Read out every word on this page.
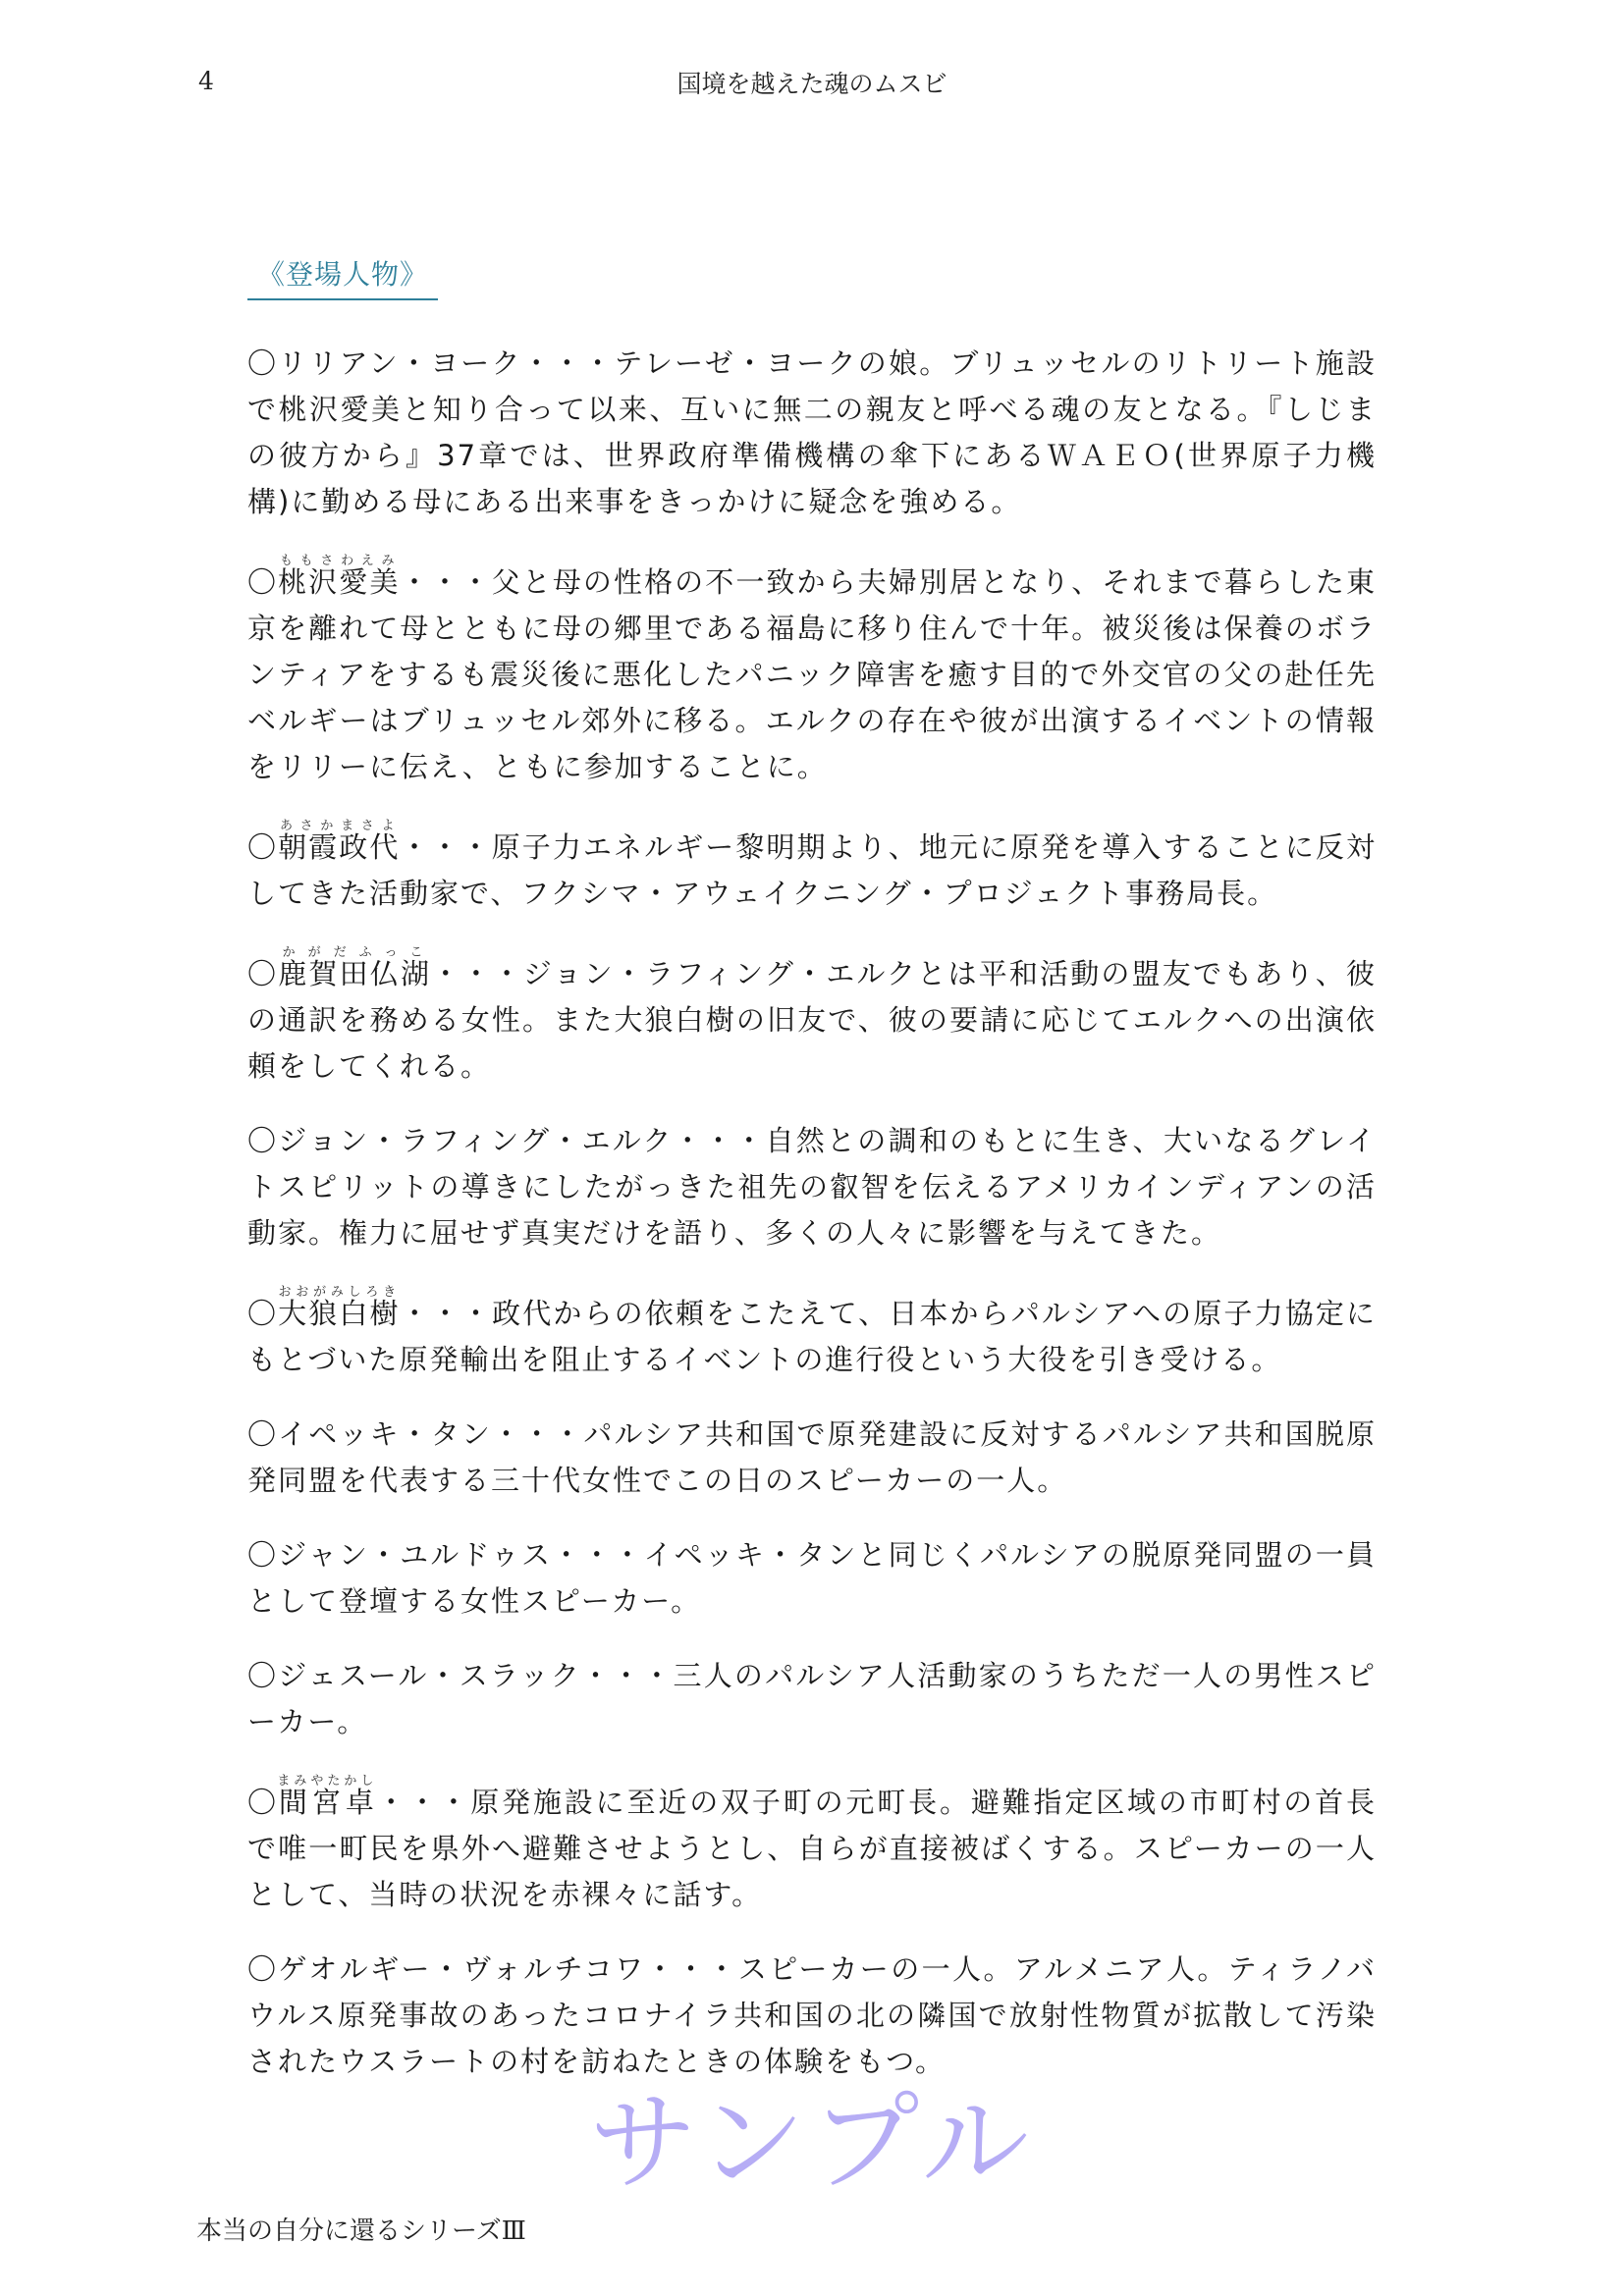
4	国境を越えた魂のムスビ
《登場人物》

〇リリアン・ヨーク・・・テレーゼ・ヨークの娘。ブリュッセルのリトリート施設で桃沢愛美と知り合って以来、互いに無二の親友と呼べる魂の友となる。『しじまの彼方から』37章では、世界政府準備機構の傘下にあるＷＡＥＯ(世界原子力機構)に勤める母にある出来事をきっかけに疑念を強める。

〇桃沢愛美ももさわえみ・・・父と母の性格の不一致から夫婦別居となり、それまで暮らした東京を離れて母とともに母の郷里である福島に移り住んで十年。被災後は保養のボランティアをするも震災後に悪化したパニック障害を癒す目的で外交官の父の赴任先ベルギーはブリュッセル郊外に移る。エルクの存在や彼が出演するイベントの情報をリリーに伝え、ともに参加することに。

〇朝霞政代あさかまさよ・・・原子力エネルギー黎明期より、地元に原発を導入することに反対してきた活動家で、フクシマ・アウェイクニング・プロジェクト事務局長。

〇鹿賀田仏湖かがだふっこ・・・ジョン・ラフィング・エルクとは平和活動の盟友でもあり、彼の通訳を務める女性。また大狼白樹の旧友で、彼の要請に応じてエルクへの出演依頼をしてくれる。

〇ジョン・ラフィング・エルク・・・自然との調和のもとに生き、大いなるグレイトスピリットの導きにしたがっきた祖先の叡智を伝えるアメリカインディアンの活動家。権力に屈せず真実だけを語り、多くの人々に影響を与えてきた。

〇大狼白樹おおがみしろき・・・政代からの依頼をこたえて、日本からパルシアへの原子力協定にもとづいた原発輸出を阻止するイベントの進行役という大役を引き受ける。

〇イペッキ・タン・・・パルシア共和国で原発建設に反対するパルシア共和国脱原発同盟を代表する三十代女性でこの日のスピーカーの一人。

〇ジャン・ユルドゥス・・・イペッキ・タンと同じくパルシアの脱原発同盟の一員として登壇する女性スピーカー。

〇ジェスール・スラック・・・三人のパルシア人活動家のうちただ一人の男性スピーカー。

〇間宮卓まみやたかし・・・原発施設に至近の双子町の元町長。避難指定区域の市町村の首長で唯一町民を県外へ避難させようとし、自らが直接被ばくする。スピーカーの一人として、当時の状況を赤裸々に話す。

〇ゲオルギー・ヴォルチコワ・・・スピーカーの一人。アルメニア人。ティラノバウルス原発事故のあったコロナイラ共和国の北の隣国で放射性物質が拡散して汚染されたウスラートの村を訪ねたときの体験をもつ。

サンプル
本当の自分に還るシリーズⅢ
